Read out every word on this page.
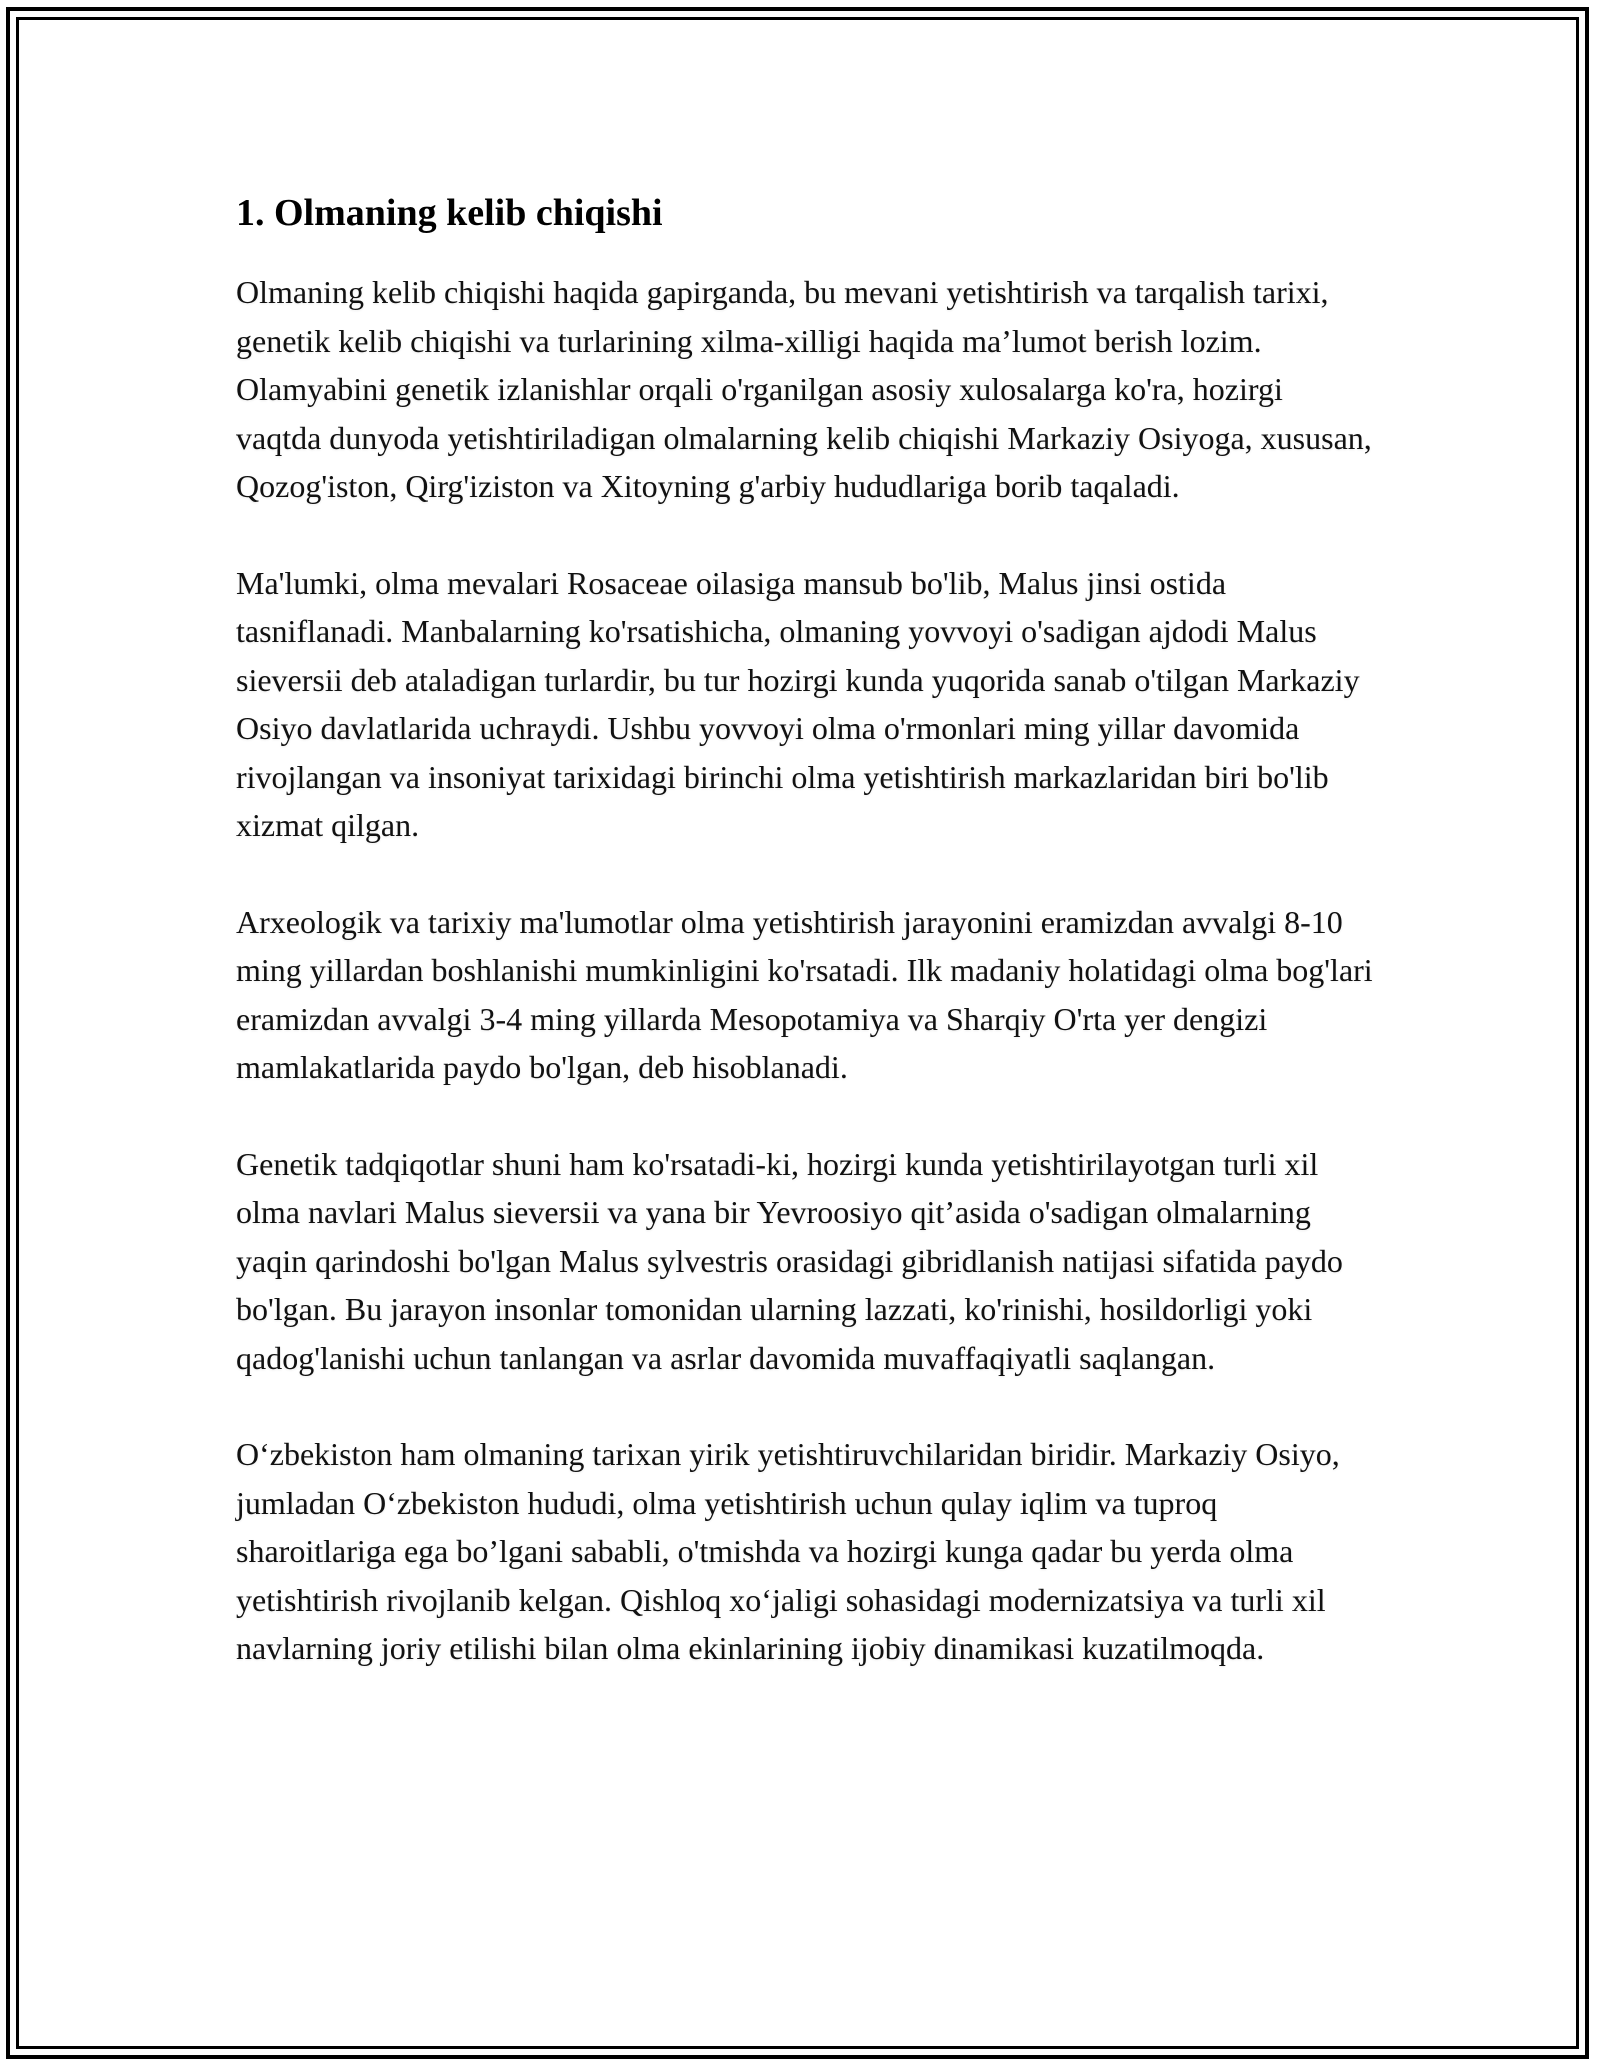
1. Olmaning kelib chiqishi

Olmaning kelib chiqishi haqida gapirganda, bu mevani yetishtirish va tarqalish tarixi, genetik kelib chiqishi va turlarining xilma-xilligi haqida ma’lumot berish lozim. Olamyabini genetik izlanishlar orqali o'rganilgan asosiy xulosalarga ko'ra, hozirgi vaqtda dunyoda yetishtiriladigan olmalarning kelib chiqishi Markaziy Osiyoga, xususan, Qozog'iston, Qirg'iziston va Xitoyning g'arbiy hududlariga borib taqaladi.

Ma'lumki, olma mevalari Rosaceae oilasiga mansub bo'lib, Malus jinsi ostida tasniflanadi. Manbalarning ko'rsatishicha, olmaning yovvoyi o'sadigan ajdodi Malus sieversii deb ataladigan turlardir, bu tur hozirgi kunda yuqorida sanab o'tilgan Markaziy Osiyo davlatlarida uchraydi. Ushbu yovvoyi olma o'rmonlari ming yillar davomida rivojlangan va insoniyat tarixidagi birinchi olma yetishtirish markazlaridan biri bo'lib xizmat qilgan.

Arxeologik va tarixiy ma'lumotlar olma yetishtirish jarayonini eramizdan avvalgi 8-10 ming yillardan boshlanishi mumkinligini ko'rsatadi. Ilk madaniy holatidagi olma bog'lari eramizdan avvalgi 3-4 ming yillarda Mesopotamiya va Sharqiy O'rta yer dengizi mamlakatlarida paydo bo'lgan, deb hisoblanadi.

Genetik tadqiqotlar shuni ham ko'rsatadi-ki, hozirgi kunda yetishtirilayotgan turli xil olma navlari Malus sieversii va yana bir Yevroosiyo qit’asida o'sadigan olmalarning yaqin qarindoshi bo'lgan Malus sylvestris orasidagi gibridlanish natijasi sifatida paydo bo'lgan. Bu jarayon insonlar tomonidan ularning lazzati, ko'rinishi, hosildorligi yoki qadog'lanishi uchun tanlangan va asrlar davomida muvaffaqiyatli saqlangan.

O‘zbekiston ham olmaning tarixan yirik yetishtiruvchilaridan biridir. Markaziy Osiyo, jumladan O‘zbekiston hududi, olma yetishtirish uchun qulay iqlim va tuproq sharoitlariga ega bo’lgani sababli, o'tmishda va hozirgi kunga qadar bu yerda olma yetishtirish rivojlanib kelgan. Qishloq xo‘jaligi sohasidagi modernizatsiya va turli xil navlarning joriy etilishi bilan olma ekinlarining ijobiy dinamikasi kuzatilmoqda.
